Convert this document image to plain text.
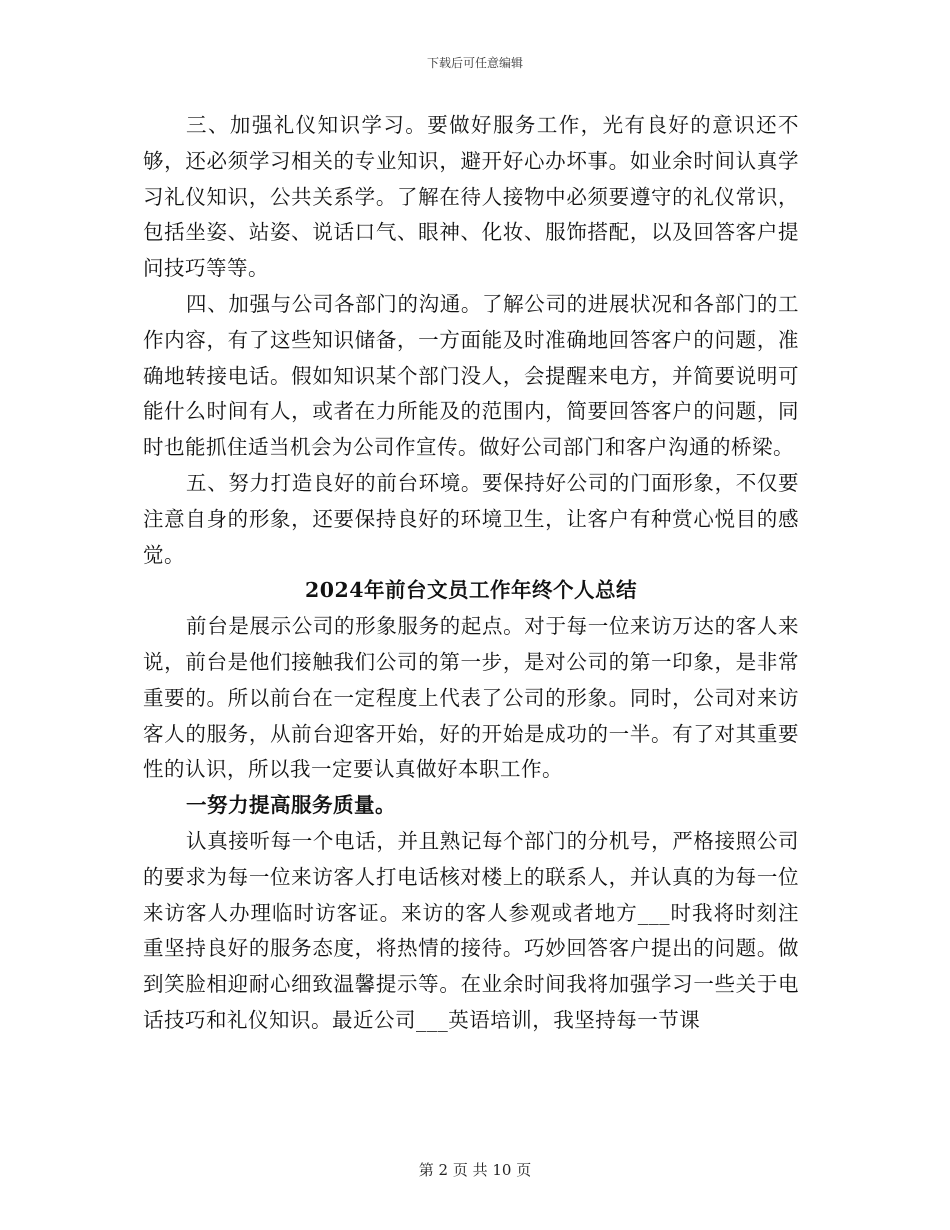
下载后可任意编辑

三、加强礼仪知识学习。要做好服务工作，光有良好的意识还不够，还必须学习相关的专业知识，避开好心办坏事。如业余时间认真学习礼仪知识，公共关系学。了解在待人接物中必须要遵守的礼仪常识，包括坐姿、站姿、说话口气、眼神、化妆、服饰搭配，以及回答客户提问技巧等等。

四、加强与公司各部门的沟通。了解公司的进展状况和各部门的工作内容，有了这些知识储备，一方面能及时准确地回答客户的问题，准确地转接电话。假如知识某个部门没人，会提醒来电方，并简要说明可能什么时间有人，或者在力所能及的范围内，简要回答客户的问题，同时也能抓住适当机会为公司作宣传。做好公司部门和客户沟通的桥梁。

五、努力打造良好的前台环境。要保持好公司的门面形象，不仅要注意自身的形象，还要保持良好的环境卫生，让客户有种赏心悦目的感觉。

2024年前台文员工作年终个人总结

前台是展示公司的形象服务的起点。对于每一位来访万达的客人来说，前台是他们接触我们公司的第一步，是对公司的第一印象，是非常重要的。所以前台在一定程度上代表了公司的形象。同时，公司对来访客人的服务，从前台迎客开始，好的开始是成功的一半。有了对其重要性的认识，所以我一定要认真做好本职工作。

一努力提高服务质量。

认真接听每一个电话，并且熟记每个部门的分机号，严格接照公司的要求为每一位来访客人打电话核对楼上的联系人，并认真的为每一位来访客人办理临时访客证。来访的客人参观或者地方___时我将时刻注重坚持良好的服务态度，将热情的接待。巧妙回答客户提出的问题。做到笑脸相迎耐心细致温馨提示等。在业余时间我将加强学习一些关于电话技巧和礼仪知识。最近公司___英语培训，我坚持每一节课

第 2 页 共 10 页
